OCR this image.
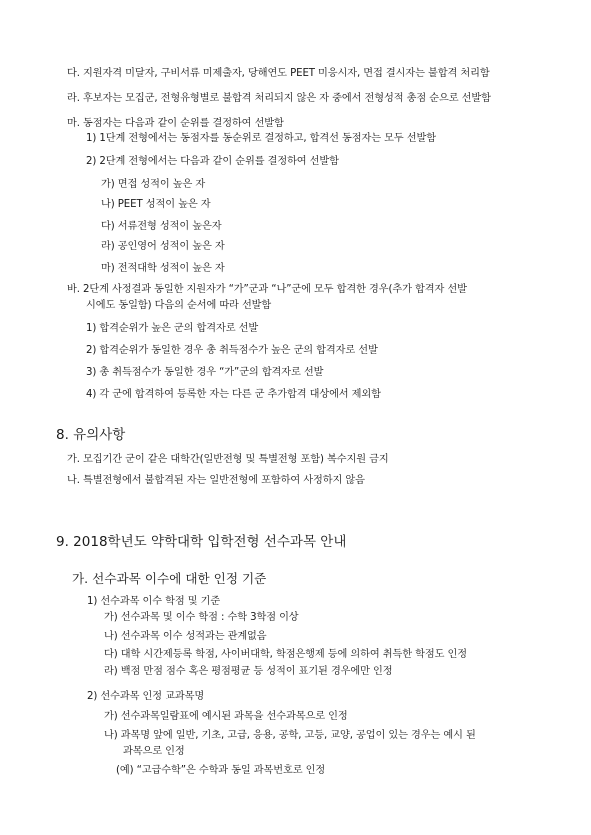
다. 지원자격 미달자, 구비서류 미제출자, 당해연도 PEET 미응시자, 면접 결시자는 불합격 처리함
라. 후보자는 모집군, 전형유형별로 불합격 처리되지 않은 자 중에서 전형성적 총점 순으로 선발함
마. 동점자는 다음과 같이 순위를 결정하여 선발함
1) 1단계 전형에서는 동점자를 동순위로 결정하고, 합격선 동점자는 모두 선발함
2) 2단계 전형에서는 다음과 같이 순위를 결정하여 선발함
가) 면접 성적이 높은 자
나) PEET 성적이 높은 자
다) 서류전형 성적이 높은자
라) 공인영어 성적이 높은 자
마) 전적대학 성적이 높은 자
바. 2단계 사정결과 동일한 지원자가 “가”군과 “나”군에 모두 합격한 경우(추가 합격자 선발
시에도 동일함) 다음의 순서에 따라 선발함
1) 합격순위가 높은 군의 합격자로 선발
2) 합격순위가 동일한 경우 총 취득점수가 높은 군의 합격자로 선발
3) 총 취득점수가 동일한 경우 “가”군의 합격자로 선발
4) 각 군에 합격하여 등록한 자는 다른 군 추가합격 대상에서 제외함
8. 유의사항
가. 모집기간 군이 같은 대학간(일반전형 및 특별전형 포함) 복수지원 금지
나. 특별전형에서 불합격된 자는 일반전형에 포함하여 사정하지 않음
9. 2018학년도 약학대학 입학전형 선수과목 안내
가. 선수과목 이수에 대한 인정 기준
1) 선수과목 이수 학점 및 기준
가) 선수과목 및 이수 학점 : 수학 3학점 이상
나) 선수과목 이수 성적과는 관계없음
다) 대학 시간제등록 학점, 사이버대학, 학점은행제 등에 의하여 취득한 학점도 인정
라) 백점 만점 점수 혹은 평점평균 등 성적이 표기된 경우에만 인정
2) 선수과목 인정 교과목명
가) 선수과목일람표에 예시된 과목을 선수과목으로 인정
나) 과목명 앞에 일반, 기초, 고급, 응용, 공학, 고등, 교양, 공업이 있는 경우는 예시 된
과목으로 인정
(예) “고급수학”은 수학과 동일 과목번호로 인정
